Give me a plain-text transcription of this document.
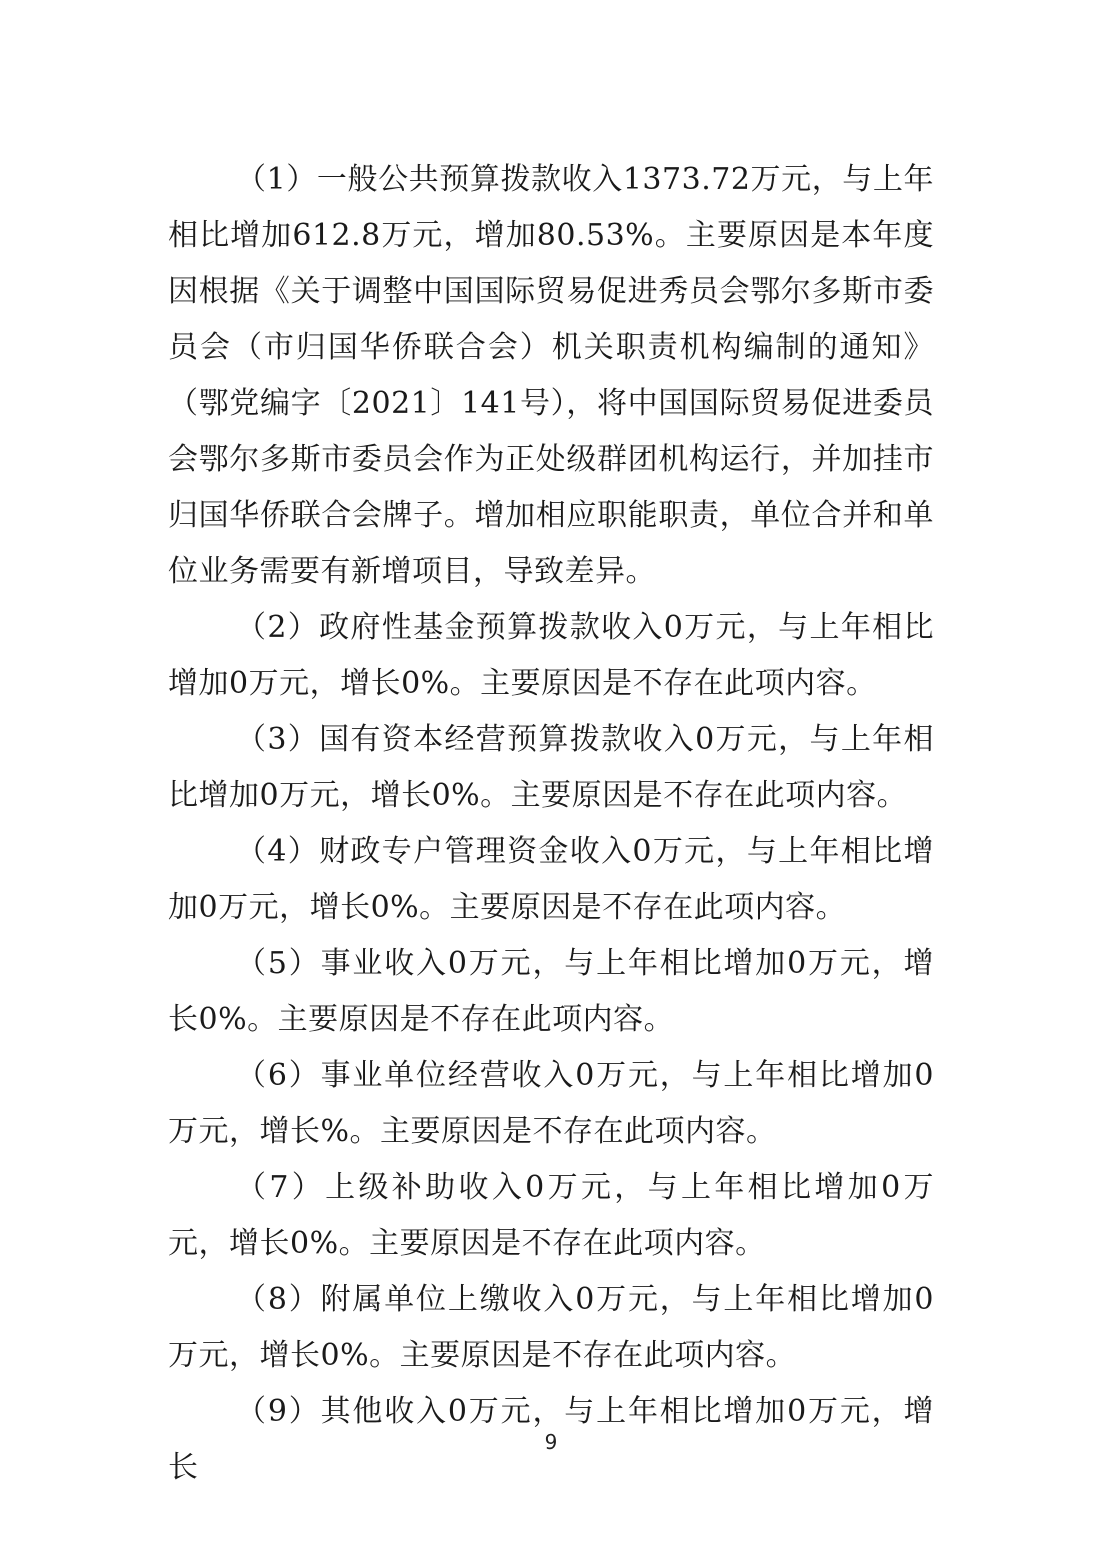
（1）一般公共预算拨款收入1373.72万元，与上年相比增加612.8万元，增加80.53%。主要原因是本年度因根据《关于调整中国国际贸易促进秀员会鄂尔多斯市委员会（市归国华侨联合会）机关职责机构编制的通知》（鄂党编字〔2021〕141号），将中国国际贸易促进委员会鄂尔多斯市委员会作为正处级群团机构运行，并加挂市归国华侨联合会牌子。增加相应职能职责，单位合并和单位业务需要有新增项目，导致差异。

（2）政府性基金预算拨款收入0万元，与上年相比增加0万元，增长0%。主要原因是不存在此项内容。

（3）国有资本经营预算拨款收入0万元，与上年相比增加0万元，增长0%。主要原因是不存在此项内容。

（4）财政专户管理资金收入0万元，与上年相比增加0万元，增长0%。主要原因是不存在此项内容。

（5）事业收入0万元，与上年相比增加0万元，增长0%。主要原因是不存在此项内容。

（6）事业单位经营收入0万元，与上年相比增加0万元，增长%。主要原因是不存在此项内容。

（7）上级补助收入0万元，与上年相比增加0万元，增长0%。主要原因是不存在此项内容。

（8）附属单位上缴收入0万元，与上年相比增加0万元，增长0%。主要原因是不存在此项内容。

（9）其他收入0万元，与上年相比增加0万元，增长

9
